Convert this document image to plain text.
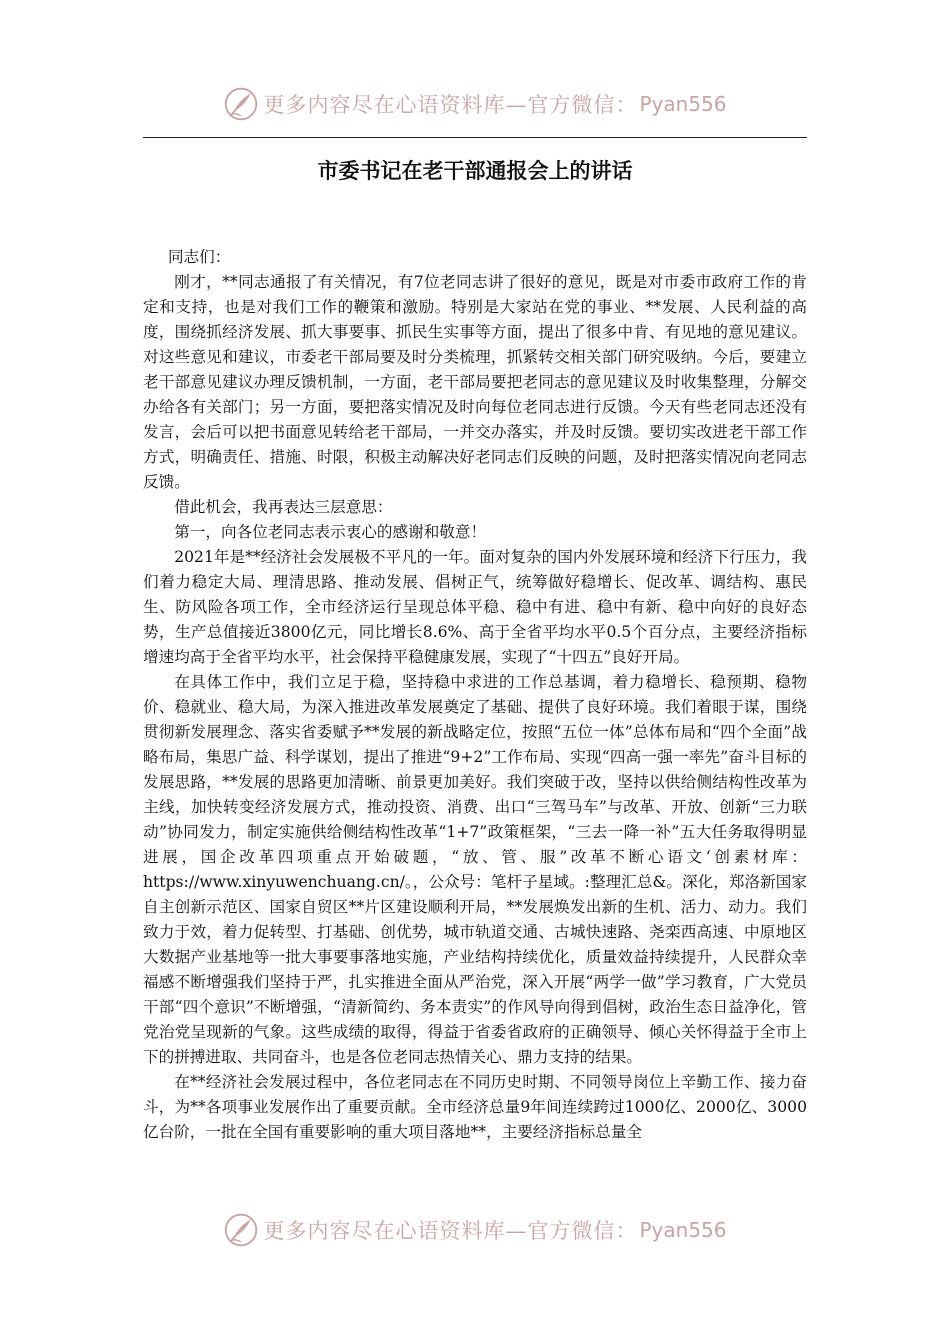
更多内容尽在心语资料库—官方微信： Pyan556
市委书记在老干部通报会上的讲话

同志们：

刚才，**同志通报了有关情况，有7位老同志讲了很好的意见，既是对市委市政府工作的肯定和支持，也是对我们工作的鞭策和激励。特别是大家站在党的事业、**发展、人民利益的高度，围绕抓经济发展、抓大事要事、抓民生实事等方面，提出了很多中肯、有见地的意见建议。对这些意见和建议，市委老干部局要及时分类梳理，抓紧转交相关部门研究吸纳。今后，要建立老干部意见建议办理反馈机制，一方面，老干部局要把老同志的意见建议及时收集整理，分解交办给各有关部门；另一方面，要把落实情况及时向每位老同志进行反馈。今天有些老同志还没有发言，会后可以把书面意见转给老干部局，一并交办落实，并及时反馈。要切实改进老干部工作方式，明确责任、措施、时限，积极主动解决好老同志们反映的问题，及时把落实情况向老同志反馈。

借此机会，我再表达三层意思：

第一，向各位老同志表示衷心的感谢和敬意！

2021年是**经济社会发展极不平凡的一年。面对复杂的国内外发展环境和经济下行压力，我们着力稳定大局、理清思路、推动发展、倡树正气，统筹做好稳增长、促改革、调结构、惠民生、防风险各项工作，全市经济运行呈现总体平稳、稳中有进、稳中有新、稳中向好的良好态势，生产总值接近3800亿元，同比增长8.6%、高于全省平均水平0.5个百分点，主要经济指标增速均高于全省平均水平，社会保持平稳健康发展，实现了“十四五”良好开局。

在具体工作中，我们立足于稳，坚持稳中求进的工作总基调，着力稳增长、稳预期、稳物价、稳就业、稳大局，为深入推进改革发展奠定了基础、提供了良好环境。我们着眼于谋，围绕贯彻新发展理念、落实省委赋予**发展的新战略定位，按照“五位一体”总体布局和“四个全面”战略布局，集思广益、科学谋划，提出了推进“9+2”工作布局、实现“四高一强一率先”奋斗目标的发展思路，**发展的思路更加清晰、前景更加美好。我们突破于改，坚持以供给侧结构性改革为主线，加快转变经济发展方式，推动投资、消费、出口“三驾马车”与改革、开放、创新“三力联动”协同发力，制定实施供给侧结构性改革“1+7”政策框架，“三去一降一补”五大任务取得明显进展，国企改革四项重点开始破题，“放、管、服”改革不断心语文‘创素材库：https://www.xinyuwenchuang.cn/。，公众号：笔杆子星域。:整理汇总&。深化，郑洛新国家自主创新示范区、国家自贸区**片区建设顺利开局，**发展焕发出新的生机、活力、动力。我们致力于效，着力促转型、打基础、创优势，城市轨道交通、古城快速路、尧栾西高速、中原地区大数据产业基地等一批大事要事落地实施，产业结构持续优化，质量效益持续提升，人民群众幸福感不断增强我们坚持于严，扎实推进全面从严治党，深入开展“两学一做”学习教育，广大党员干部“四个意识”不断增强，“清新简约、务本责实”的作风导向得到倡树，政治生态日益净化，管党治党呈现新的气象。这些成绩的取得，得益于省委省政府的正确领导、倾心关怀得益于全市上下的拼搏进取、共同奋斗，也是各位老同志热情关心、鼎力支持的结果。

在**经济社会发展过程中，各位老同志在不同历史时期、不同领导岗位上辛勤工作、接力奋斗，为**各项事业发展作出了重要贡献。全市经济总量9年间连续跨过1000亿、2000亿、3000亿台阶，一批在全国有重要影响的重大项目落地**，主要经济指标总量全

更多内容尽在心语资料库—官方微信： Pyan556
